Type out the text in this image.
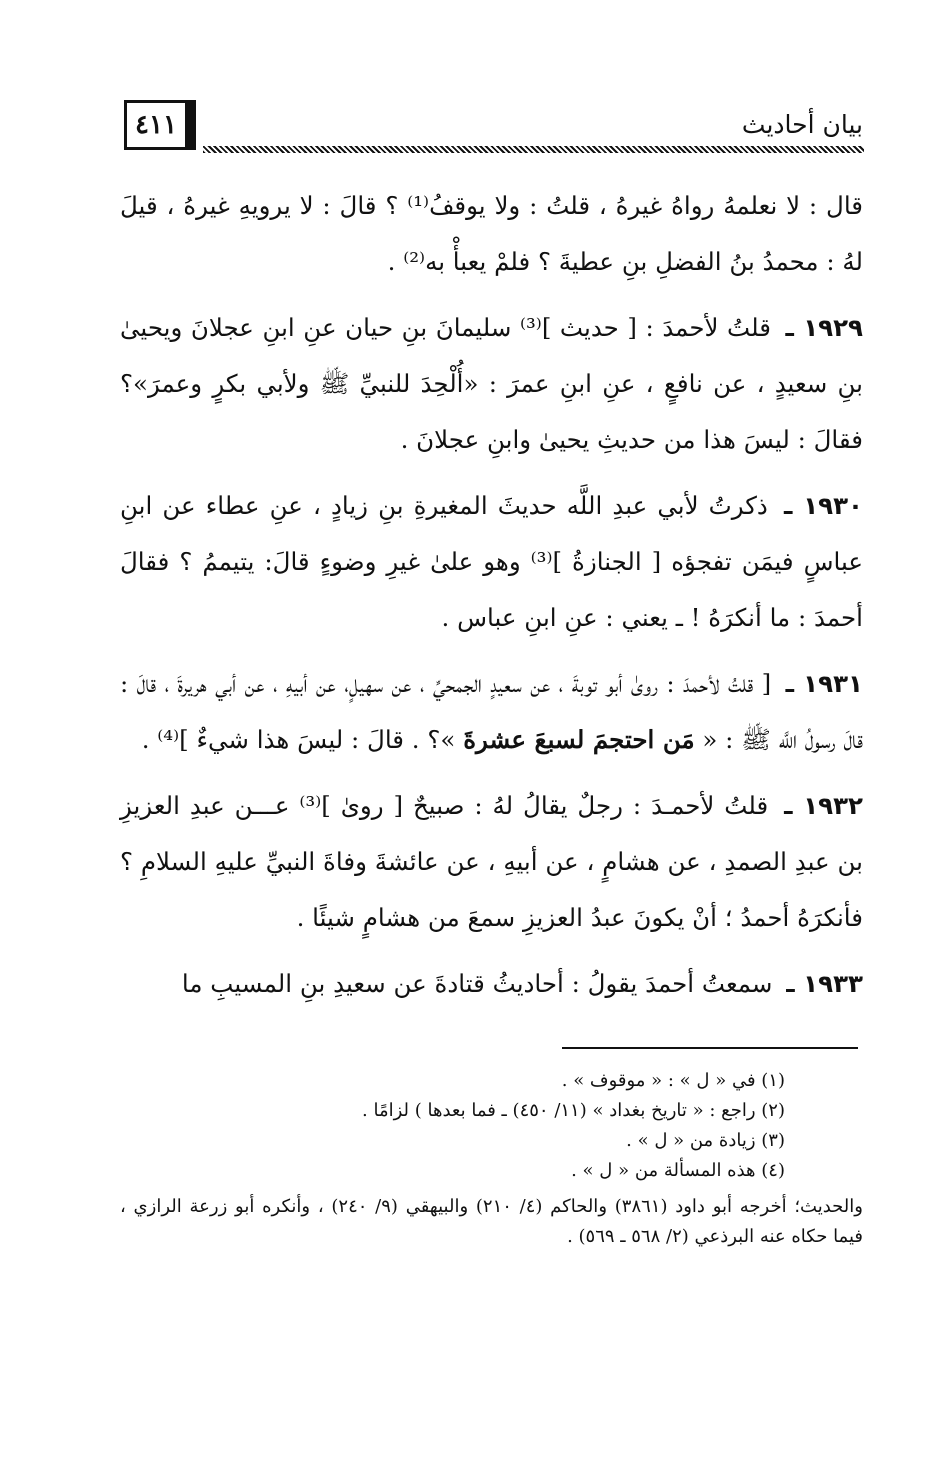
٤١١	بيان أحاديث

قال : لا نعلمهُ رواهُ غيرهُ ، قلتُ : ولا يوقفُ⁽¹⁾ ؟ قالَ : لا يرويهِ غيرهُ ، قيلَ لهُ : محمدُ بنُ الفضلِ بنِ عطيةَ ؟ فلمْ يعبأْ به⁽²⁾ .

١٩٢٩ ـ قلتُ لأحمدَ : [ حديث ]⁽³⁾ سليمانَ بنِ حيان عنِ ابنِ عجلانَ ويحيىٰ بنِ سعيدٍ ، عن نافعٍ ، عنِ ابنِ عمرَ : «أُلْحِدَ للنبيِّ ﷺ ولأبي بكرٍ وعمرَ»؟ فقالَ : ليسَ هذا من حديثِ يحيىٰ وابنِ عجلانَ .

١٩٣٠ ـ ذكرتُ لأبي عبدِ اللَّه حديثَ المغيرةِ بنِ زيادٍ ، عنِ عطاء عن ابنِ عباسٍ فيمَن تفجؤه [ الجنازةُ ]⁽³⁾ وهو علىٰ غيرِ وضوءٍ قالَ: يتيممُ ؟ فقالَ أحمدَ : ما أنكرَهُ ! ـ يعني : عنِ ابنِ عباس .

١٩٣١ ـ [ قلتُ لأحمدَ : روىٰ أبو توبةَ ، عن سعيدٍ الجمحيِّ ، عن سهيلٍ، عن أبيهِ ، عن أبي هريرةَ ، قالَ : قالَ رسولُ اللَّه ﷺ : « مَن احتجمَ لسبعَ عشرةَ »؟ . قالَ : ليسَ هذا شيءٌ ]⁽⁴⁾ .

١٩٣٢ ـ قلتُ لأحمـدَ : رجلٌ يقالُ لهُ : صبيحٌ [ روىٰ ]⁽³⁾ عـــن عبدِ العزيزِ بن عبدِ الصمدِ ، عن هشامٍ ، عن أبيهِ ، عن عائشةَ وفاةَ النبيِّ عليهِ السلامِ ؟ فأنكرَهُ أحمدُ ؛ أنْ يكونَ عبدُ العزيزِ سمعَ من هشامٍ شيئًا .

١٩٣٣ ـ سمعتُ أحمدَ يقولُ : أحاديثُ قتادةَ عن سعيدِ بنِ المسيبِ ما

(١) في « ل » : « موقوف » .

(٢) راجع : « تاريخ بغداد » (١١/ ٤٥٠) ـ فما بعدها ) لزامًا .

(٣) زيادة من « ل » .

(٤) هذه المسألة من « ل » .

والحديث؛ أخرجه أبو داود (٣٨٦١) والحاكم (٤/ ٢١٠) والبيهقي (٩/ ٢٤٠) ، وأنكره أبو زرعة الرازي ، فيما حكاه عنه البرذعي (٢/ ٥٦٨ ـ ٥٦٩) .
